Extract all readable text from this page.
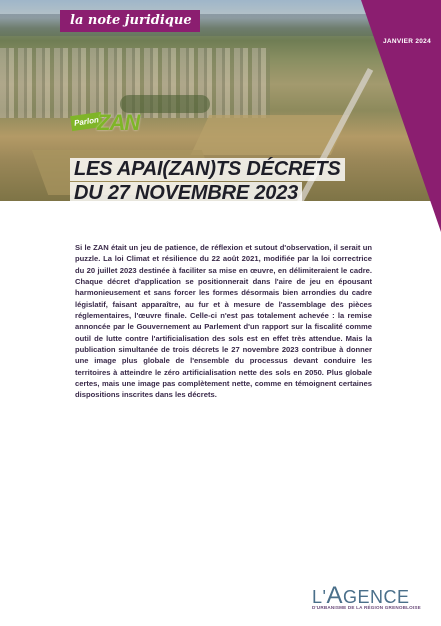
JANVIER 2024
la note juridique
Parlon
ZAN
LES APAI(ZAN)TS DÉCRETS
DU 27 NOVEMBRE 2023

Si le ZAN était un jeu de patience, de réflexion et sutout d'observation, il serait un puzzle. La loi Climat et résilience du 22 août 2021, modifiée par la loi correctrice du 20 juillet 2023 destinée à faciliter sa mise en œuvre, en délimiteraient le cadre. Chaque décret d'application se positionnerait dans l'aire de jeu en épousant harmonieusement et sans forcer les formes désormais bien arrondies du cadre législatif, faisant apparaître, au fur et à mesure de l'assemblage des pièces réglementaires, l'œuvre finale. Celle-ci n'est pas totalement achevée : la remise annoncée par le Gouvernement au Parlement d'un rapport sur la fiscalité comme outil de lutte contre l'artificialisation des sols est en effet très attendue. Mais la publication simultanée de trois décrets le 27 novembre 2023 contribue à donner une image plus globale de l'ensemble du processus devant conduire les territoires à atteindre le zéro artificialisation nette des sols en 2050. Plus globale certes, mais une image pas complètement nette, comme en témoignent certaines dispositions inscrites dans les décrets.

L'AGENCE
D'URBANISME DE LA RÉGION GRENOBLOISE
